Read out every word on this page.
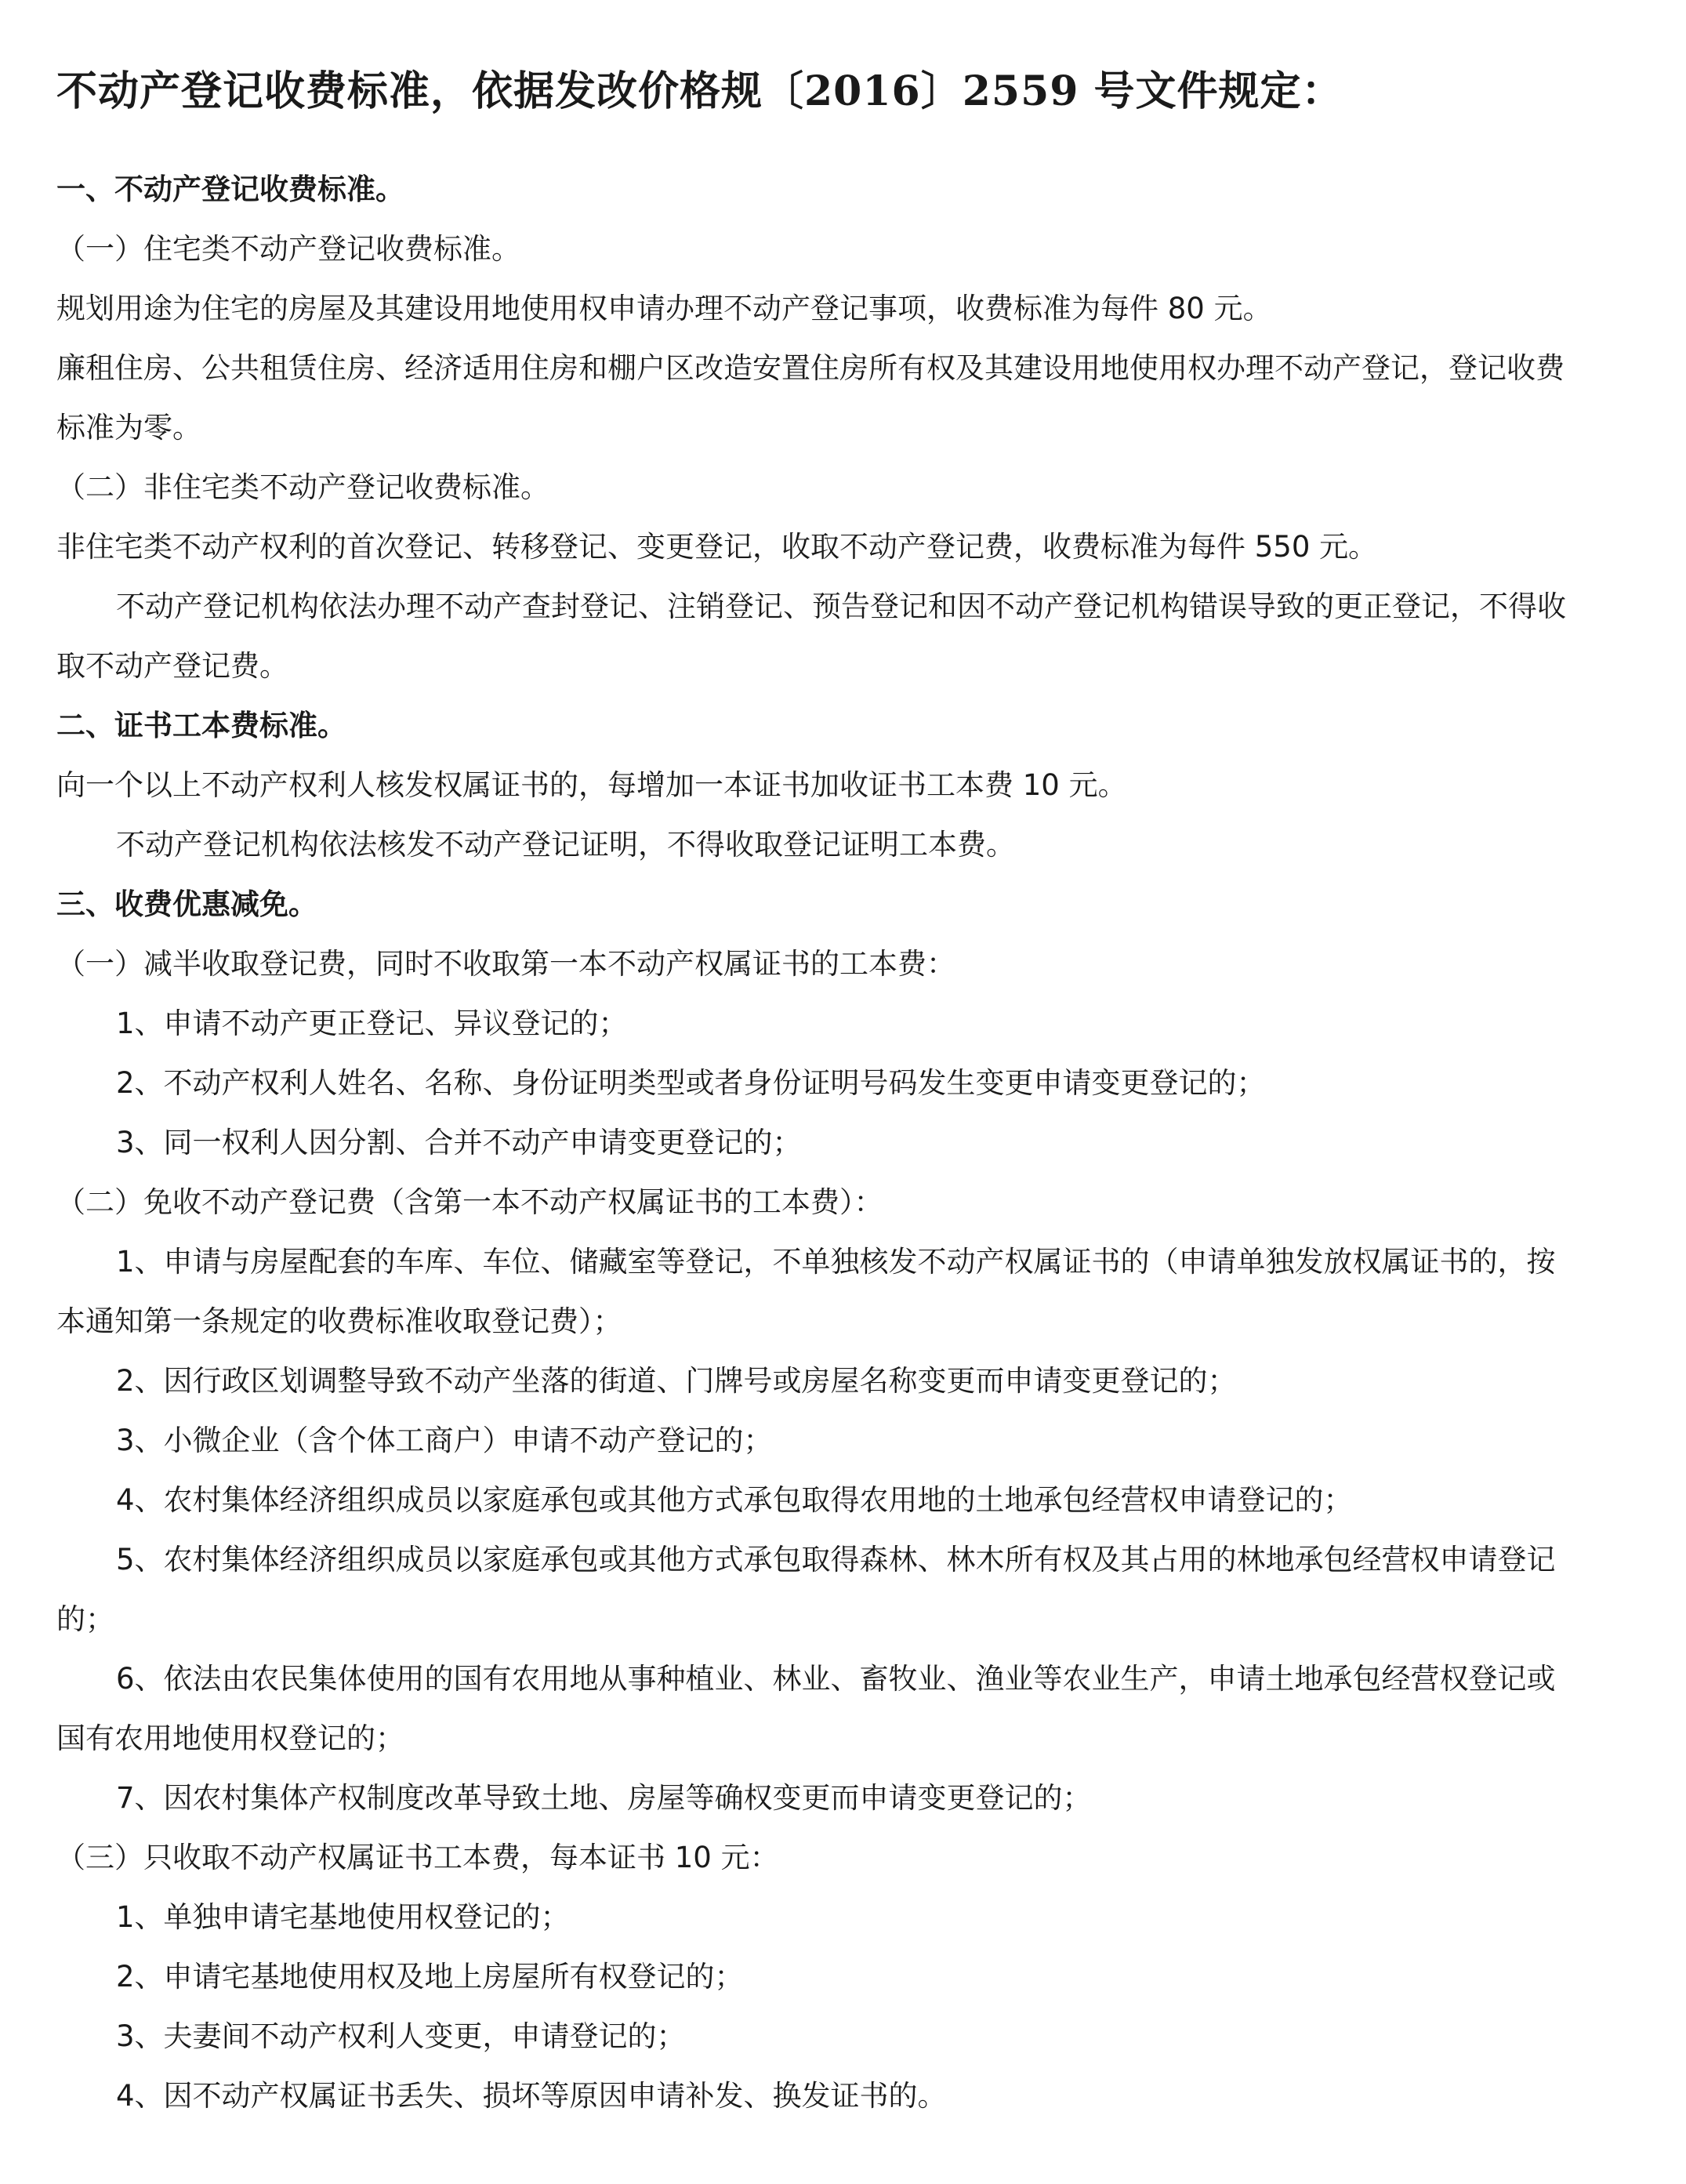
不动产登记收费标准，依据发改价格规〔2016〕2559 号文件规定：

一、不动产登记收费标准。

（一）住宅类不动产登记收费标准。

规划用途为住宅的房屋及其建设用地使用权申请办理不动产登记事项，收费标准为每件 80 元。

廉租住房、公共租赁住房、经济适用住房和棚户区改造安置住房所有权及其建设用地使用权办理不动产登记，登记收费

标准为零。

（二）非住宅类不动产登记收费标准。

非住宅类不动产权利的首次登记、转移登记、变更登记，收取不动产登记费，收费标准为每件 550 元。

不动产登记机构依法办理不动产查封登记、注销登记、预告登记和因不动产登记机构错误导致的更正登记，不得收

取不动产登记费。

二、证书工本费标准。

向一个以上不动产权利人核发权属证书的，每增加一本证书加收证书工本费 10 元。

不动产登记机构依法核发不动产登记证明，不得收取登记证明工本费。

三、收费优惠减免。

（一）减半收取登记费，同时不收取第一本不动产权属证书的工本费：

1、申请不动产更正登记、异议登记的；

2、不动产权利人姓名、名称、身份证明类型或者身份证明号码发生变更申请变更登记的；

3、同一权利人因分割、合并不动产申请变更登记的；

（二）免收不动产登记费（含第一本不动产权属证书的工本费）：

1、申请与房屋配套的车库、车位、储藏室等登记，不单独核发不动产权属证书的（申请单独发放权属证书的，按

本通知第一条规定的收费标准收取登记费）；

2、因行政区划调整导致不动产坐落的街道、门牌号或房屋名称变更而申请变更登记的；

3、小微企业（含个体工商户）申请不动产登记的；

4、农村集体经济组织成员以家庭承包或其他方式承包取得农用地的土地承包经营权申请登记的；

5、农村集体经济组织成员以家庭承包或其他方式承包取得森林、林木所有权及其占用的林地承包经营权申请登记

的；

6、依法由农民集体使用的国有农用地从事种植业、林业、畜牧业、渔业等农业生产，申请土地承包经营权登记或

国有农用地使用权登记的；

7、因农村集体产权制度改革导致土地、房屋等确权变更而申请变更登记的；

（三）只收取不动产权属证书工本费，每本证书 10 元：

1、单独申请宅基地使用权登记的；

2、申请宅基地使用权及地上房屋所有权登记的；

3、夫妻间不动产权利人变更，申请登记的；

4、因不动产权属证书丢失、损坏等原因申请补发、换发证书的。
